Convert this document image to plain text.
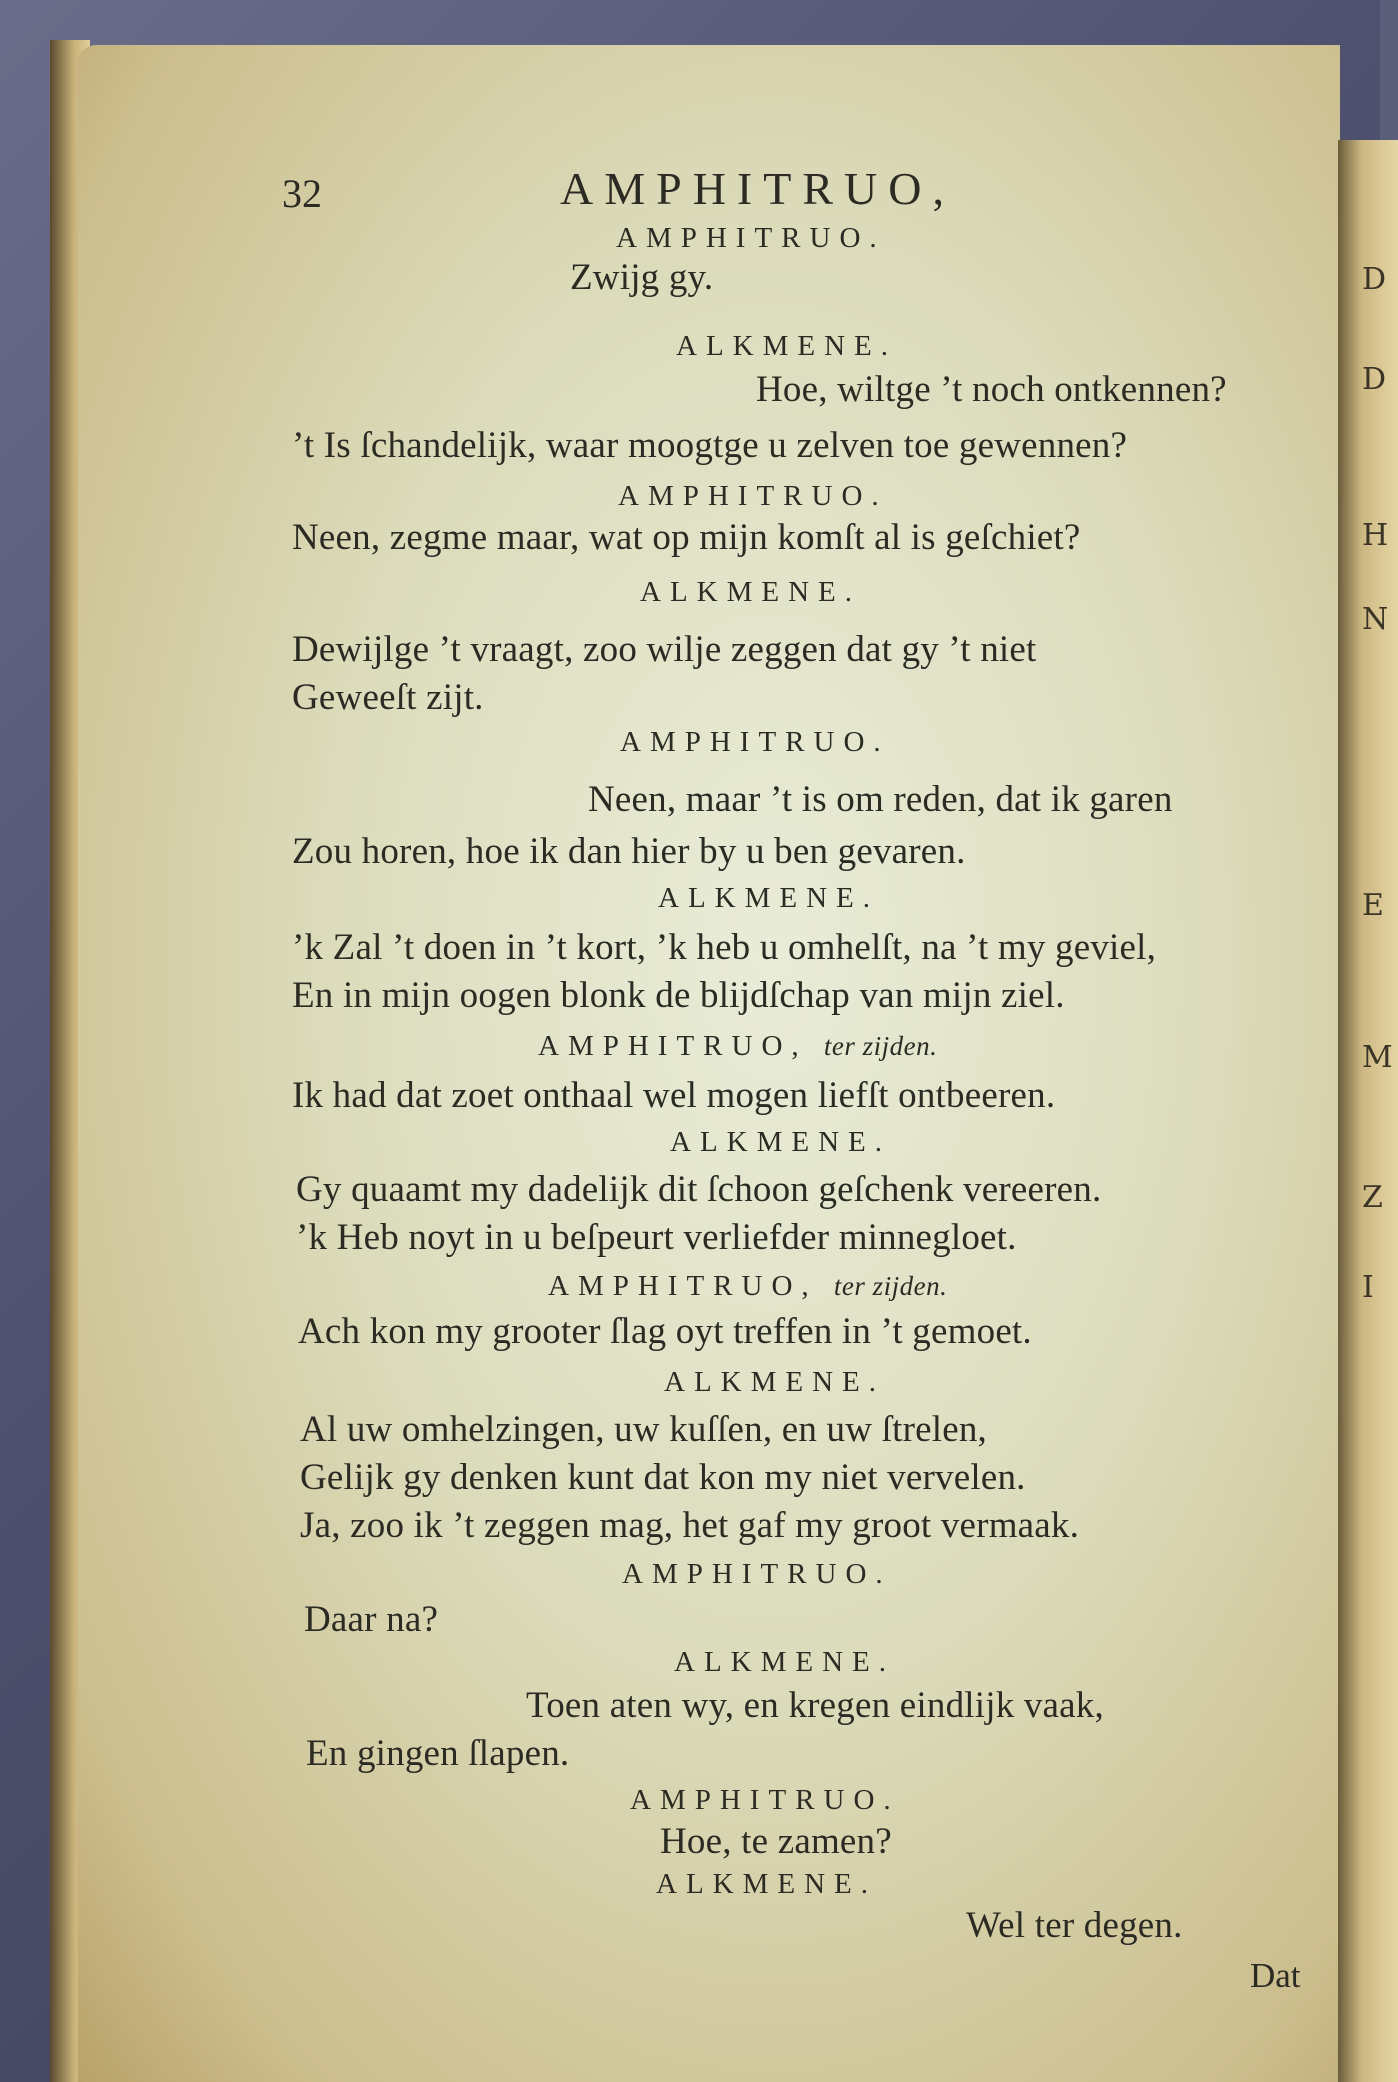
D
D
H
N
E
M
Z
I
32	AMPHITRUO,
AMPHITRUO.
Zwijg gy.
ALKMENE.
Hoe, wiltge ’t noch ontkennen?
’t Is ſchandelijk, waar moogtge u zelven toe gewennen?
AMPHITRUO.
Neen, zegme maar, wat op mijn komſt al is geſchiet?
ALKMENE.
Dewijlge ’t vraagt, zoo wilje zeggen dat gy ’t niet
Geweeſt zijt.
AMPHITRUO.
Neen, maar ’t is om reden, dat ik garen
Zou horen, hoe ik dan hier by u ben gevaren.
ALKMENE.
’k Zal ’t doen in ’t kort, ’k heb u omhelſt, na ’t my geviel,
En in mijn oogen blonk de blijdſchap van mijn ziel.
AMPHITRUO, ter zijden.
Ik had dat zoet onthaal wel mogen liefſt ontbeeren.
ALKMENE.
Gy quaamt my dadelijk dit ſchoon geſchenk vereeren.
’k Heb noyt in u beſpeurt verliefder minnegloet.
AMPHITRUO, ter zijden.
Ach kon my grooter ſlag oyt treffen in ’t gemoet.
ALKMENE.
Al uw omhelzingen, uw kuſſen, en uw ſtrelen,
Gelijk gy denken kunt dat kon my niet vervelen.
Ja, zoo ik ’t zeggen mag, het gaf my groot vermaak.
AMPHITRUO.
Daar na?
ALKMENE.
Toen aten wy, en kregen eindlijk vaak,
En gingen ſlapen.
AMPHITRUO.
Hoe, te zamen?
ALKMENE.
Wel ter degen.
Dat
